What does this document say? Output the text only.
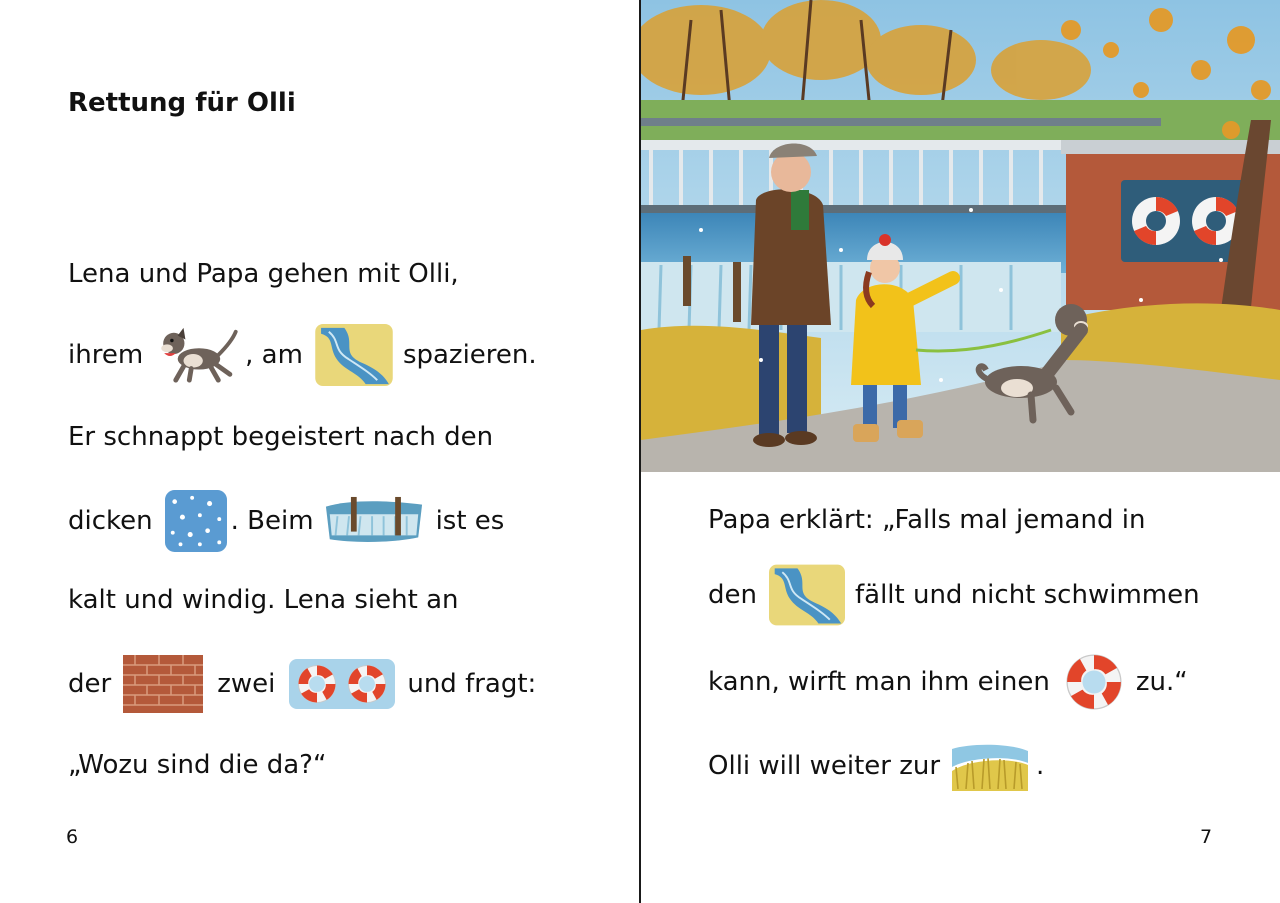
Rettung für Olli
Lena und Papa gehen mit Olli,
ihrem	, am	spazieren.
Er schnappt begeistert nach den
dicken	. Beim	ist es
kalt und windig. Lena sieht an
der	zwei	und fragt:
„Wozu sind die da?“
6
Papa erklärt: „Falls mal jemand in
den	fällt und nicht schwimmen
kann, wirft man ihm einen	zu.“
Olli will weiter zur	.
7
